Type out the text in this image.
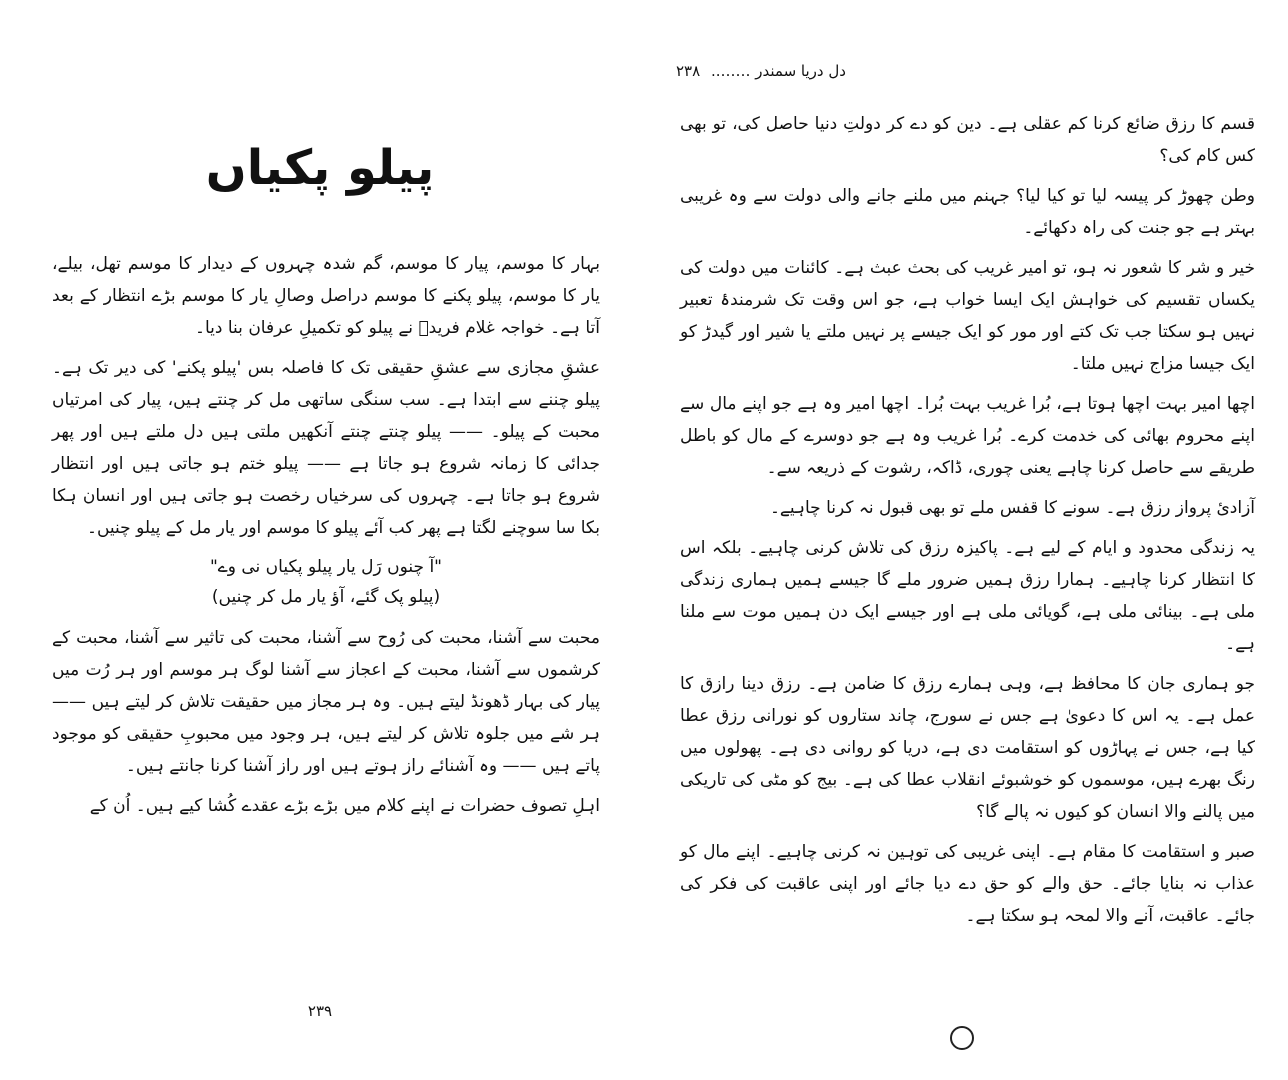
پیلو پکیاں

بہار کا موسم، پیار کا موسم، گم شدہ چہروں کے دیدار کا موسم تھل، بیلے، یار کا موسم، پیلو پکنے کا موسم دراصل وصالِ یار کا موسم بڑے انتظار کے بعد آتا ہے۔ خواجہ غلام فریدؒ نے پیلو کو تکمیلِ عرفان بنا دیا۔

عشقِ مجازی سے عشقِ حقیقی تک کا فاصلہ بس 'پیلو پکنے' کی دیر تک ہے۔ پیلو چننے سے ابتدا ہے۔ سب سنگی ساتھی مل کر چنتے ہیں، پیار کی امرتیاں محبت کے پیلو۔ —— پیلو چنتے چنتے آنکھیں ملتی ہیں دل ملتے ہیں اور پھر جدائی کا زمانہ شروع ہو جاتا ہے —— پیلو ختم ہو جاتی ہیں اور انتظار شروع ہو جاتا ہے۔ چہروں کی سرخیاں رخصت ہو جاتی ہیں اور انسان ہکا بکا سا سوچنے لگتا ہے پھر کب آئے پیلو کا موسم اور یار مل کے پیلو چنیں۔

"آ چنوں رَل یار پیلو پکیاں نی وے"

(پیلو پک گئے، آؤ یار مل کر چنیں)

محبت سے آشنا، محبت کی رُوح سے آشنا، محبت کی تاثیر سے آشنا، محبت کے کرشموں سے آشنا، محبت کے اعجاز سے آشنا لوگ ہر موسم اور ہر رُت میں پیار کی بہار ڈھونڈ لیتے ہیں۔ وہ ہر مجاز میں حقیقت تلاش کر لیتے ہیں —— ہر شے میں جلوہ تلاش کر لیتے ہیں، ہر وجود میں محبوبِ حقیقی کو موجود پاتے ہیں —— وہ آشنائے راز ہوتے ہیں اور راز آشنا کرنا جانتے ہیں۔

اہلِ تصوف حضرات نے اپنے کلام میں بڑے بڑے عقدے کُشا کیے ہیں۔ اُن کے

۲۳۹
دل دریا سمندر …….. ۲۳۸

قسم کا رزق ضائع کرنا کم عقلی ہے۔ دین کو دے کر دولتِ دنیا حاصل کی، تو بھی کس کام کی؟

وطن چھوڑ کر پیسہ لیا تو کیا لیا؟ جہنم میں ملنے جانے والی دولت سے وہ غریبی بہتر ہے جو جنت کی راہ دکھائے۔

خیر و شر کا شعور نہ ہو، تو امیر غریب کی بحث عبث ہے۔ کائنات میں دولت کی یکساں تقسیم کی خواہش ایک ایسا خواب ہے، جو اس وقت تک شرمندۂ تعبیر نہیں ہو سکتا جب تک کتے اور مور کو ایک جیسے پر نہیں ملتے یا شیر اور گیدڑ کو ایک جیسا مزاج نہیں ملتا۔

اچھا امیر بہت اچھا ہوتا ہے، بُرا غریب بہت بُرا۔ اچھا امیر وہ ہے جو اپنے مال سے اپنے محروم بھائی کی خدمت کرے۔ بُرا غریب وہ ہے جو دوسرے کے مال کو باطل طریقے سے حاصل کرنا چاہے یعنی چوری، ڈاکہ، رشوت کے ذریعہ سے۔

آزادیٔ پرواز رزق ہے۔ سونے کا قفس ملے تو بھی قبول نہ کرنا چاہیے۔

یہ زندگی محدود و ایام کے لیے ہے۔ پاکیزہ رزق کی تلاش کرنی چاہیے۔ بلکہ اس کا انتظار کرنا چاہیے۔ ہمارا رزق ہمیں ضرور ملے گا جیسے ہمیں ہماری زندگی ملی ہے۔ بینائی ملی ہے، گویائی ملی ہے اور جیسے ایک دن ہمیں موت سے ملنا ہے۔

جو ہماری جان کا محافظ ہے، وہی ہمارے رزق کا ضامن ہے۔ رزق دینا رازق کا عمل ہے۔ یہ اس کا دعویٰ ہے جس نے سورج، چاند ستاروں کو نورانی رزق عطا کیا ہے، جس نے پہاڑوں کو استقامت دی ہے، دریا کو روانی دی ہے۔ پھولوں میں رنگ بھرے ہیں، موسموں کو خوشبوئے انقلاب عطا کی ہے۔ بیج کو مٹی کی تاریکی میں پالنے والا انسان کو کیوں نہ پالے گا؟

صبر و استقامت کا مقام ہے۔ اپنی غریبی کی توہین نہ کرنی چاہیے۔ اپنے مال کو عذاب نہ بنایا جائے۔ حق والے کو حق دے دیا جائے اور اپنی عاقبت کی فکر کی جائے۔ عاقبت، آنے والا لمحہ ہو سکتا ہے۔
